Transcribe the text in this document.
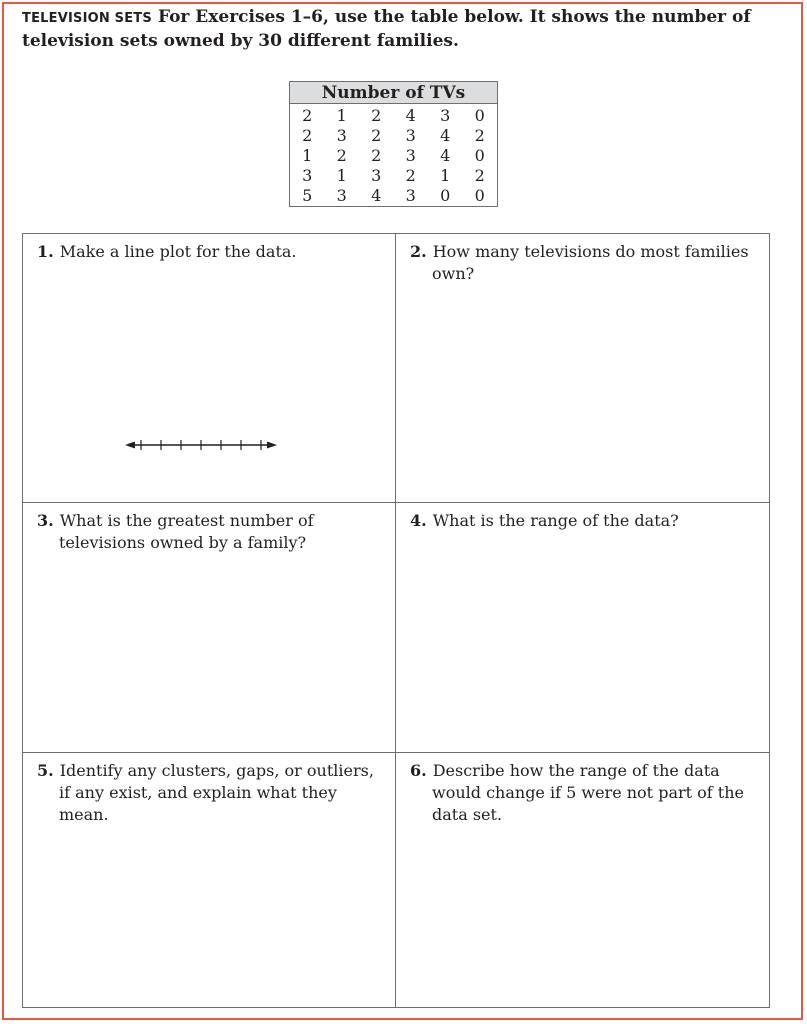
TELEVISION SETS For Exercises 1–6, use the table below. It shows the number of television sets owned by 30 different families.
Number of TVs					
2	1	2	4	3	0
2	3	2	3	4	2
1	2	2	3	4	0
3	1	3	2	1	2
5	3	4	3	0	0
1. Make a line plot for the data.	2. How many televisions do most families own?
3. What is the greatest number of televisions owned by a family?
4. What is the range of the data?
5. Identify any clusters, gaps, or outliers, if any exist, and explain what they mean.
6. Describe how the range of the data would change if 5 were not part of the data set.
